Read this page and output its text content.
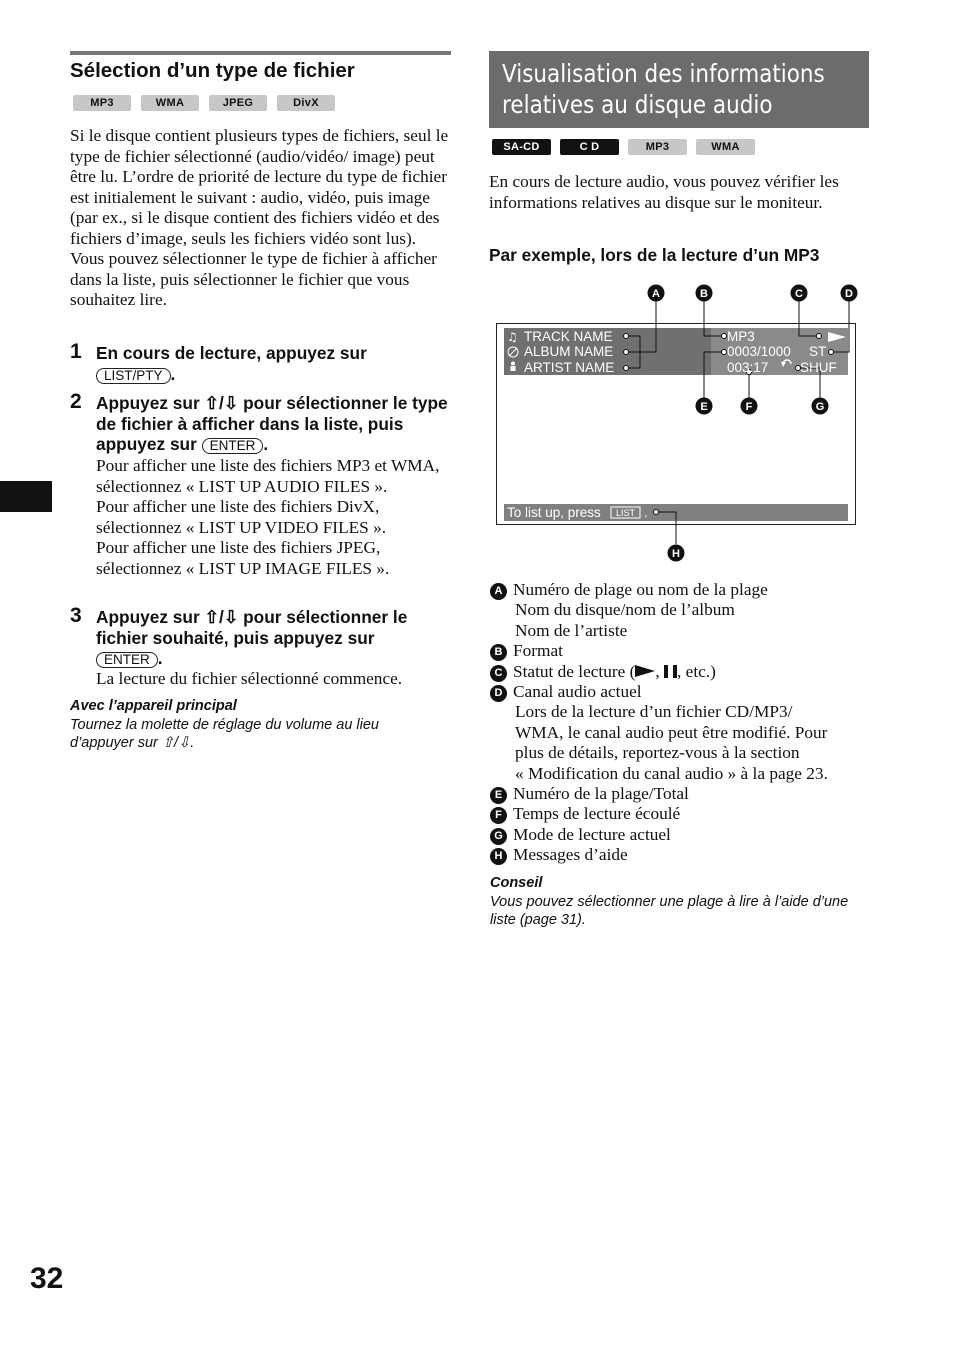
Sélection d’un type de fichier
MP3	WMA	JPEG	DivX
Si le disque contient plusieurs types de fichiers, seul le type de fichier sélectionné (audio/vidéo/ image) peut être lu. L’ordre de priorité de lecture du type de fichier est initialement le suivant : audio, vidéo, puis image (par ex., si le disque contient des fichiers vidéo et des fichiers d’image, seuls les fichiers vidéo sont lus). Vous pouvez sélectionner le type de fichier à afficher dans la liste, puis sélectionner le fichier que vous souhaitez lire.
1 En cours de lecture, appuyez sur
LIST/PTY .
2 Appuyez sur ⇧/⇩ pour sélectionner le type de fichier à afficher dans la liste, puis appuyez sur ENTER .
Pour afficher une liste des fichiers MP3 et WMA, sélectionnez « LIST UP AUDIO FILES ».
Pour afficher une liste des fichiers DivX, sélectionnez « LIST UP VIDEO FILES ».
Pour afficher une liste des fichiers JPEG, sélectionnez « LIST UP IMAGE FILES ».
3 Appuyez sur ⇧/⇩ pour sélectionner le fichier souhaité, puis appuyez sur
ENTER .
La lecture du fichier sélectionné commence.
Avec l’appareil principal
Tournez la molette de réglage du volume au lieu d’appuyer sur ⇧/⇩.
32
Visualisation des informations
relatives au disque audio
SA-CD	C D	MP3	WMA
En cours de lecture audio, vous pouvez vérifier les informations relatives au disque sur le moniteur.
Par exemple, lors de la lecture d’un MP3
♫
A	B	C	D
E	F	G
H
TRACK NAME
ALBUM NAME
ARTIST NAME
MP3
0003/1000 ST
003:17 SHUF
To list up, press LIST .
A Numéro de plage ou nom de la plage
Nom du disque/nom de l’album
Nom de l’artiste
B Format
C Statut de lecture ( , , etc.)
D Canal audio actuel
Lors de la lecture d’un fichier CD/MP3/
WMA, le canal audio peut être modifié. Pour
plus de détails, reportez-vous à la section
« Modification du canal audio » à la page 23.
E Numéro de la plage/Total
F Temps de lecture écoulé
G Mode de lecture actuel
H Messages d’aide
Conseil
Vous pouvez sélectionner une plage à lire à l’aide d’une liste (page 31).
